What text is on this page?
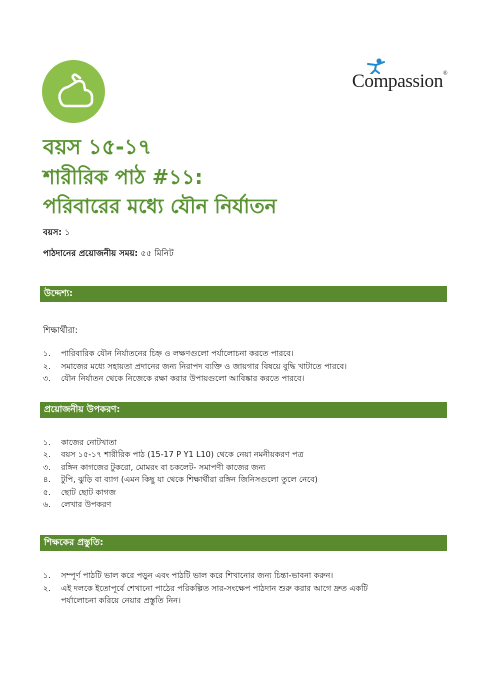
Compassion®
বয়স ১৫-১৭
শারীরিক পাঠ #১১:
পরিবারের মধ্যে যৌন নির্যাতন
বয়স: ১
পাঠদানের প্রয়োজনীয় সময়: ৫৫ মিনিট
উদ্দেশ্য:
শিক্ষার্থীরা:
১. পারিবারিক যৌন নির্যাতনের চিহ্ন ও লক্ষণগুলো পর্যালোচনা করতে পারবে।
২. সমাজের মধ্যে সহায়তা প্রদানের জন্য নিরাপদ ব্যক্তি ও জায়গার বিষয়ে বুদ্ধি খাটাতে পারবে।
৩. যৌন নির্যাতন থেকে নিজেকে রক্ষা করার উপায়গুলো আবিষ্কার করতে পারবে।
প্রয়োজনীয় উপকরণ:
১. কাজের নোটখাতা
২. বয়স ১৫-১৭ শারীরিক পাঠ (15-17 P Y1 L10) থেকে নেয়া নমনীয়করণ পত্র
৩. রঙ্গিন কাগজের টুকরো, মোমরং বা চকলেট- সমাপণী কাজের জন্য
৪. টুপি, ঝুড়ি বা ব্যাগ (এমন কিছু যা থেকে শিক্ষার্থীরা রঙ্গিন জিনিসগুলো তুলে নেবে)
৫. ছোট ছোট কাগজ
৬. লেখার উপকরণ
শিক্ষকের প্রস্তুতি:
১. সম্পূর্ণ পাঠটি ভাল করে পড়ুন এবং পাঠটি ভাল করে শিখানোর জন্য চিন্তা-ভাবনা করুন।
২. এই দলকে ইতোপূর্বে শেখানো পাঠের পরিকল্পিত সার-সংক্ষেপ পাঠদান শুরু করার আগে দ্রুত একটি
পর্যালোচনা করিয়ে নেয়ার প্রস্তুতি নিন।
